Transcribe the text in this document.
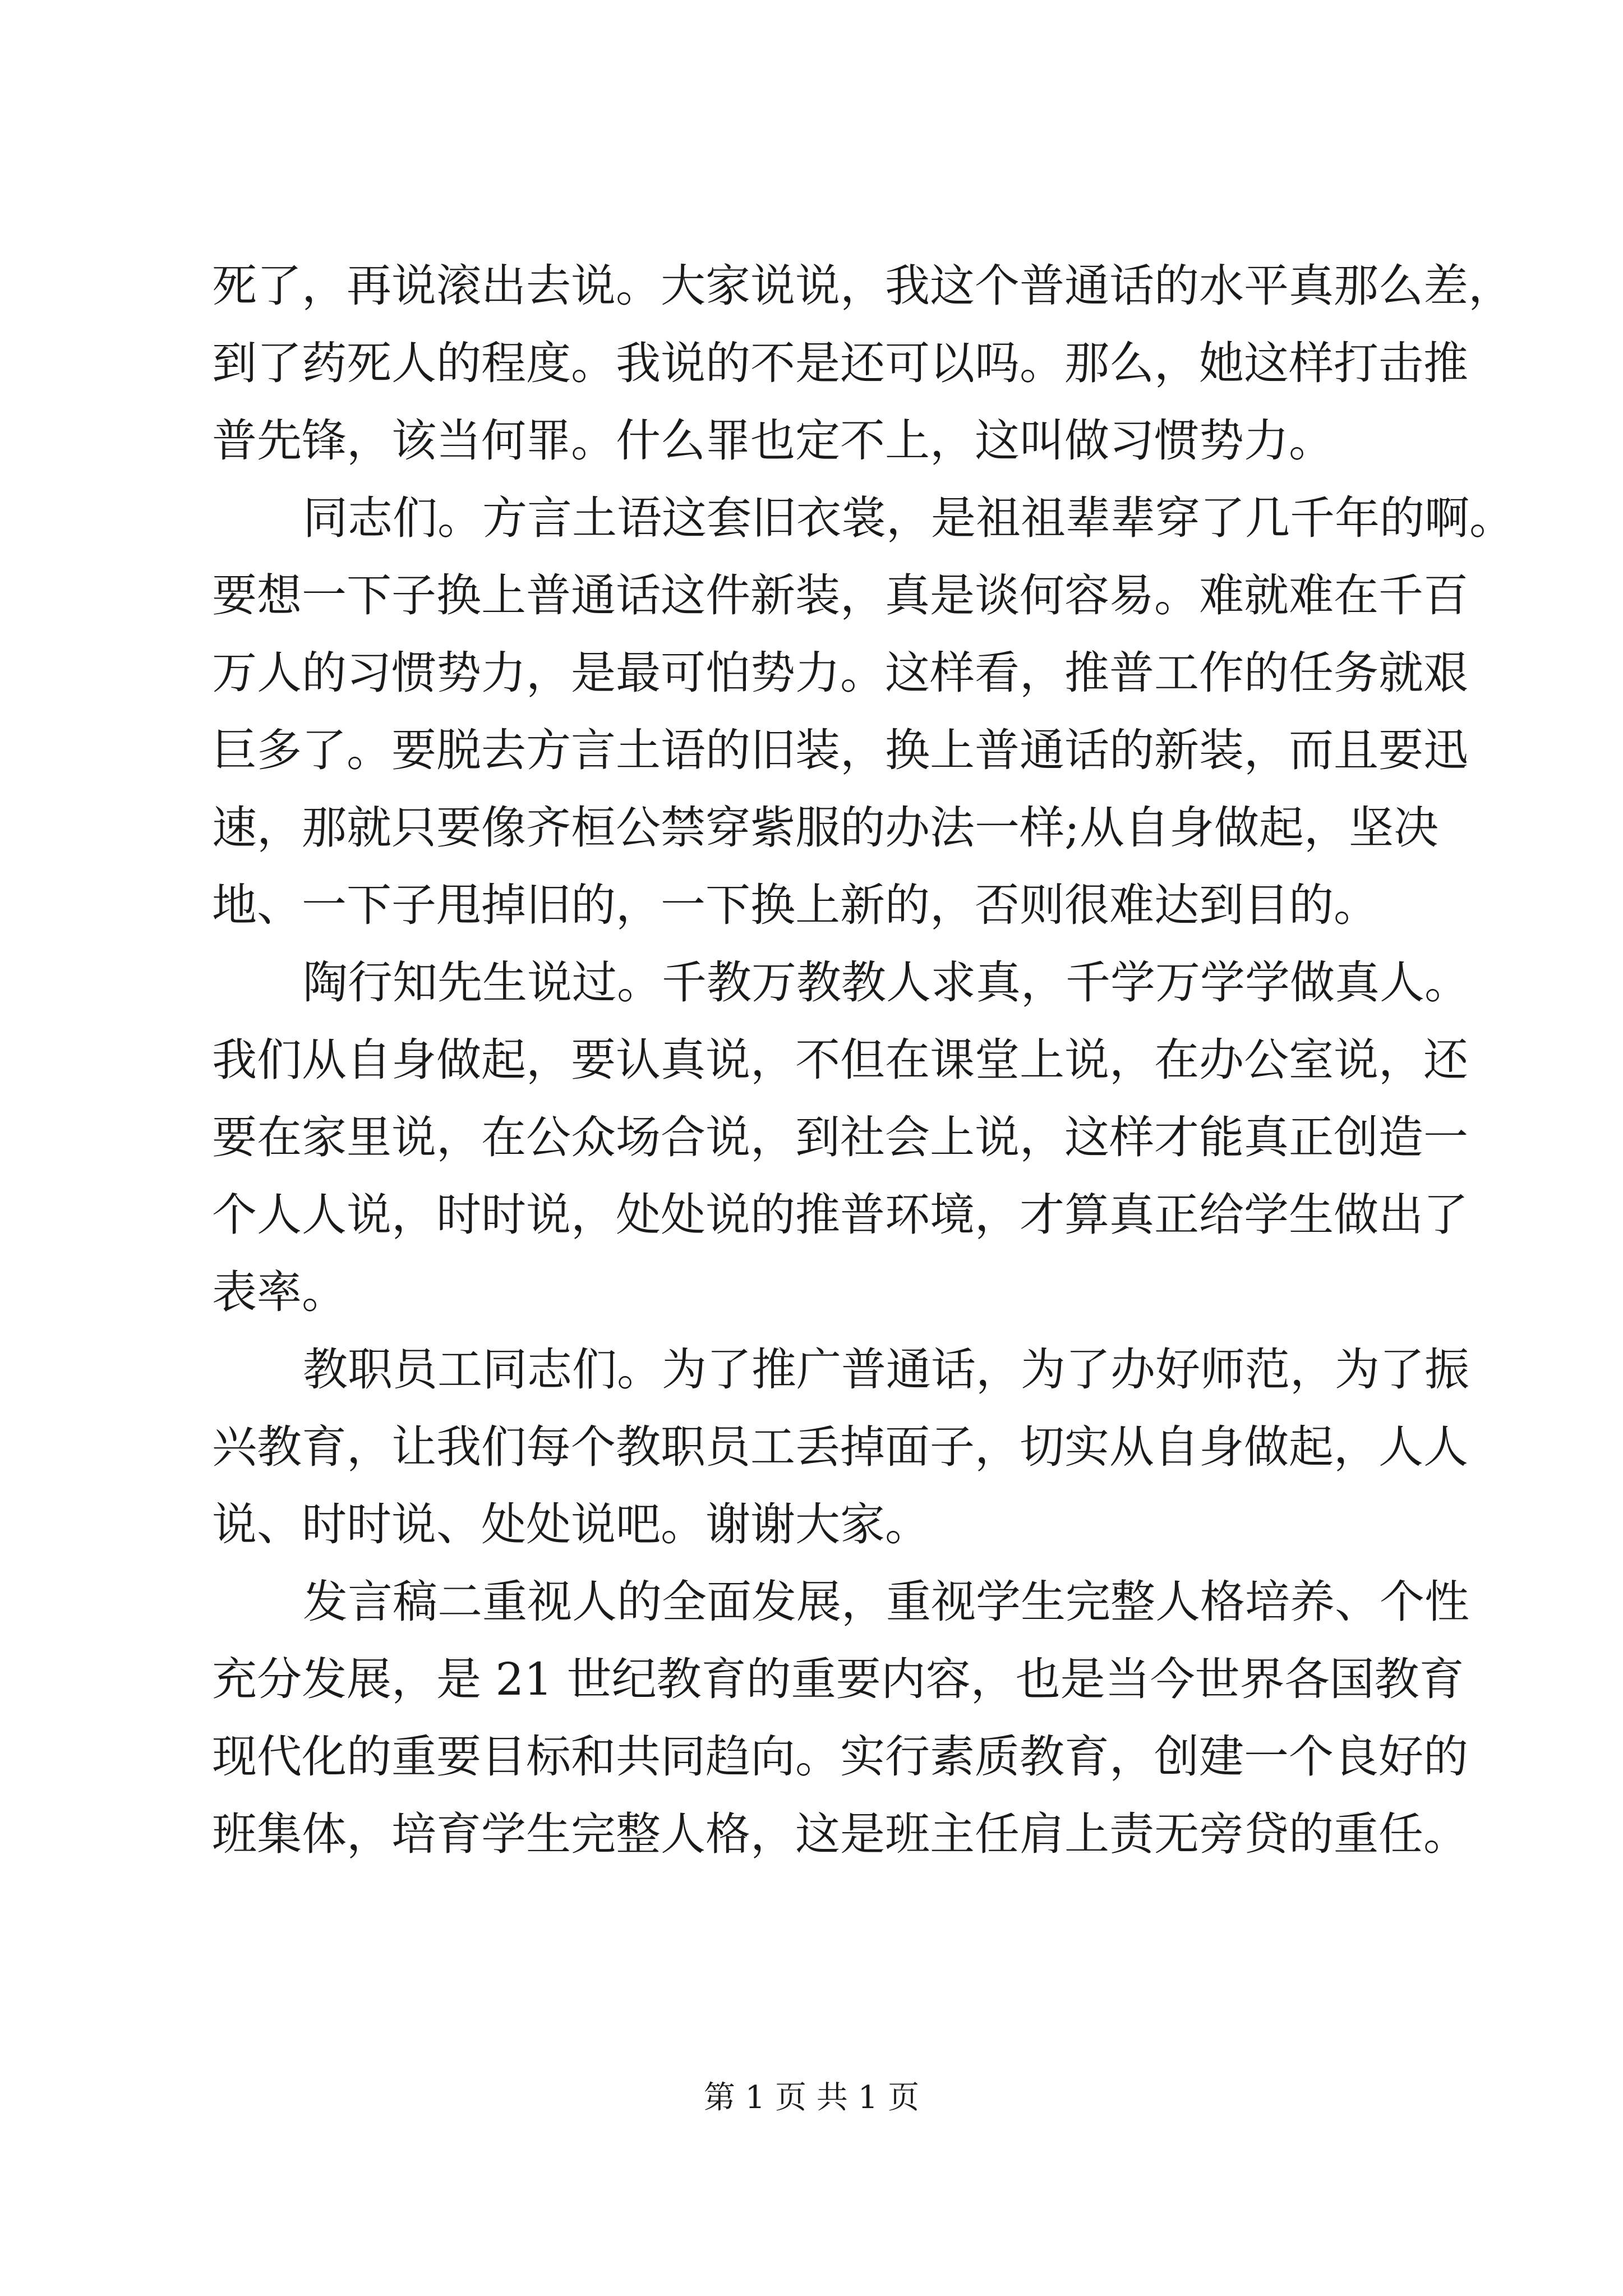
死了，再说滚出去说。大家说说，我这个普通话的水平真那么差，
到了药死人的程度。我说的不是还可以吗。那么，她这样打击推
普先锋，该当何罪。什么罪也定不上，这叫做习惯势力。
同志们。方言土语这套旧衣裳，是祖祖辈辈穿了几千年的啊。
要想一下子换上普通话这件新装，真是谈何容易。难就难在千百
万人的习惯势力，是最可怕势力。这样看，推普工作的任务就艰
巨多了。要脱去方言土语的旧装，换上普通话的新装，而且要迅
速，那就只要像齐桓公禁穿紫服的办法一样;从自身做起，坚决
地、一下子甩掉旧的，一下换上新的，否则很难达到目的。
陶行知先生说过。千教万教教人求真，千学万学学做真人。
我们从自身做起，要认真说，不但在课堂上说，在办公室说，还
要在家里说，在公众场合说，到社会上说，这样才能真正创造一
个人人说，时时说，处处说的推普环境，才算真正给学生做出了
表率。
教职员工同志们。为了推广普通话，为了办好师范，为了振
兴教育，让我们每个教职员工丢掉面子，切实从自身做起，人人
说、时时说、处处说吧。谢谢大家。
发言稿二重视人的全面发展，重视学生完整人格培养、个性
充分发展，是 21 世纪教育的重要内容，也是当今世界各国教育
现代化的重要目标和共同趋向。实行素质教育，创建一个良好的
班集体，培育学生完整人格，这是班主任肩上责无旁贷的重任。
第 1 页 共 1 页
